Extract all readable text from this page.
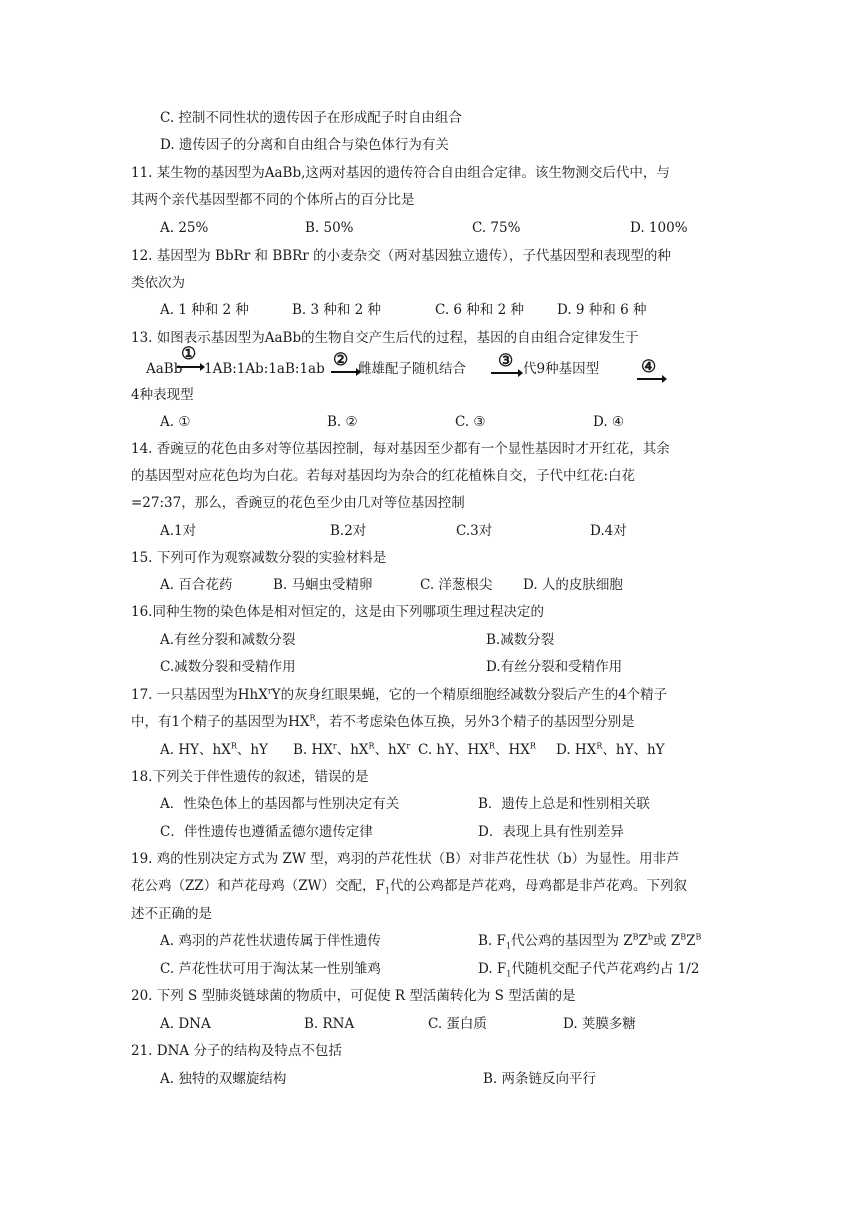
C. 控制不同性状的遗传因子在形成配子时自由组合
D. 遗传因子的分离和自由组合与染色体行为有关
11. 某生物的基因型为AaBb,这两对基因的遗传符合自由组合定律。该生物测交后代中，与
其两个亲代基因型都不同的个体所占的百分比是
A. 25%	B. 50%	C. 75%	D. 100%
12. 基因型为 BbRr 和 BBRr 的小麦杂交（两对基因独立遗传），子代基因型和表现型的种
类依次为
A. 1 种和 2 种	B. 3 种和 2 种	C. 6 种和 2 种 D. 9 种和 6 种
13. 如图表示基因型为AaBb的生物自交产生后代的过程，基因的自由组合定律发生于
AaBb
①
1AB:1Ab:1aB:1ab ② 雌雄配子随机结合 ③ 代9种基因型 ④
4种表现型
A. ①	B. ②	C. ③	D. ④
14. 香豌豆的花色由多对等位基因控制，每对基因至少都有一个显性基因时才开红花，其余
的基因型对应花色均为白花。若每对基因均为杂合的红花植株自交，子代中红花:白花
=27:37，那么，香豌豆的花色至少由几对等位基因控制
A.1对	B.2对	C.3对	D.4对
15. 下列可作为观察减数分裂的实验材料是
A. 百合花药	B. 马蛔虫受精卵	C. 洋葱根尖 D. 人的皮肤细胞
16.同种生物的染色体是相对恒定的，这是由下列哪项生理过程决定的
A.有丝分裂和减数分裂	B.减数分裂
C.减数分裂和受精作用	D.有丝分裂和受精作用
17. 一只基因型为HhX$^r$Y的灰身红眼果蝇，它的一个精原细胞经减数分裂后产生的4个精子
中，有1个精子的基因型为$HX^R$，若不考虑染色体互换，另外3个精子的基因型分别是
A. HY、$hX^R$、hY B. $HX^r$、$hX^R$、$hX^r$ C. hY、$HX^R$、$HX^R$ D. $HX^R$、hY、hY
18.下列关于伴性遗传的叙述，错误的是
A．性染色体上的基因都与性别决定有关	B．遗传上总是和性别相关联
C．伴性遗传也遵循孟德尔遗传定律	D．表现上具有性别差异
19. 鸡的性别决定方式为 ZW 型，鸡羽的芦花性状（B）对非芦花性状（b）为显性。用非芦
花公鸡（ZZ）和芦花母鸡（ZW）交配，$F_1$代的公鸡都是芦花鸡，母鸡都是非芦花鸡。下列叙
述不正确的是
A. 鸡羽的芦花性状遗传属于伴性遗传	B. $F_1$代公鸡的基因型为 $Z^BZ^b$或 $Z^BZ^B$
C. 芦花性状可用于淘汰某一性别雏鸡	D. $F_1$代随机交配子代芦花鸡约占 1/2
20. 下列 S 型肺炎链球菌的物质中，可促使 R 型活菌转化为 S 型活菌的是
A. DNA	B. RNA	C. 蛋白质	D. 荚膜多糖
21. DNA 分子的结构及特点不包括
A. 独特的双螺旋结构	B. 两条链反向平行
